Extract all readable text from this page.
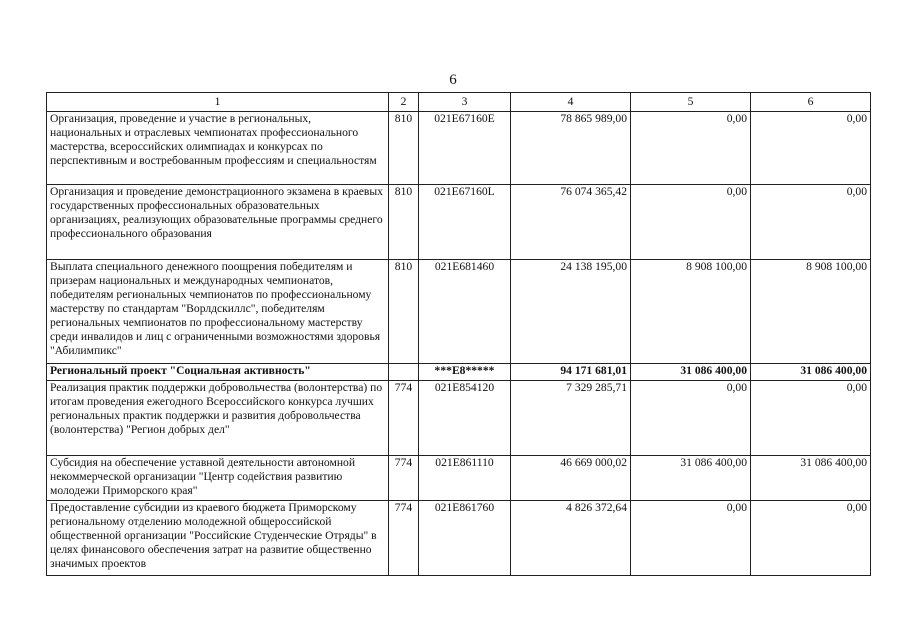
6
1	2	3	4	5	6
Организация, проведение и участие в региональных, национальных и отраслевых чемпионатах профессионального мастерства, всероссийских олимпиадах и конкурсах по перспективным и востребованным профессиям и специальностям	810	021E67160E	78 865 989,00	0,00	0,00
Организация и проведение демонстрационного экзамена в краевых государственных профессиональных образовательных организациях, реализующих образовательные программы среднего профессионального образования	810	021E67160L	76 074 365,42	0,00	0,00
Выплата специального денежного поощрения победителям и призерам национальных и международных чемпионатов, победителям региональных чемпионатов по профессиональному мастерству по стандартам "Ворлдскиллс", победителям региональных чемпионатов по профессиональному мастерству среди инвалидов и лиц с ограниченными возможностями здоровья "Абилимпикс"	810	021E681460	24 138 195,00	8 908 100,00	8 908 100,00
Региональный проект "Социальная активность"		***E8*****	94 171 681,01	31 086 400,00	31 086 400,00
Реализация практик поддержки добровольчества (волонтерства) по итогам проведения ежегодного Всероссийского конкурса лучших региональных практик поддержки и развития добровольчества (волонтерства) "Регион добрых дел"	774	021E854120	7 329 285,71	0,00	0,00
Субсидия на обеспечение уставной деятельности автономной некоммерческой организации "Центр содействия развитию молодежи Приморского края"	774	021E861110	46 669 000,02	31 086 400,00	31 086 400,00
Предоставление субсидии из краевого бюджета Приморскому региональному отделению молодежной общероссийской общественной организации "Российские Студенческие Отряды" в целях финансового обеспечения затрат на развитие общественно значимых проектов	774	021E861760	4 826 372,64	0,00	0,00
